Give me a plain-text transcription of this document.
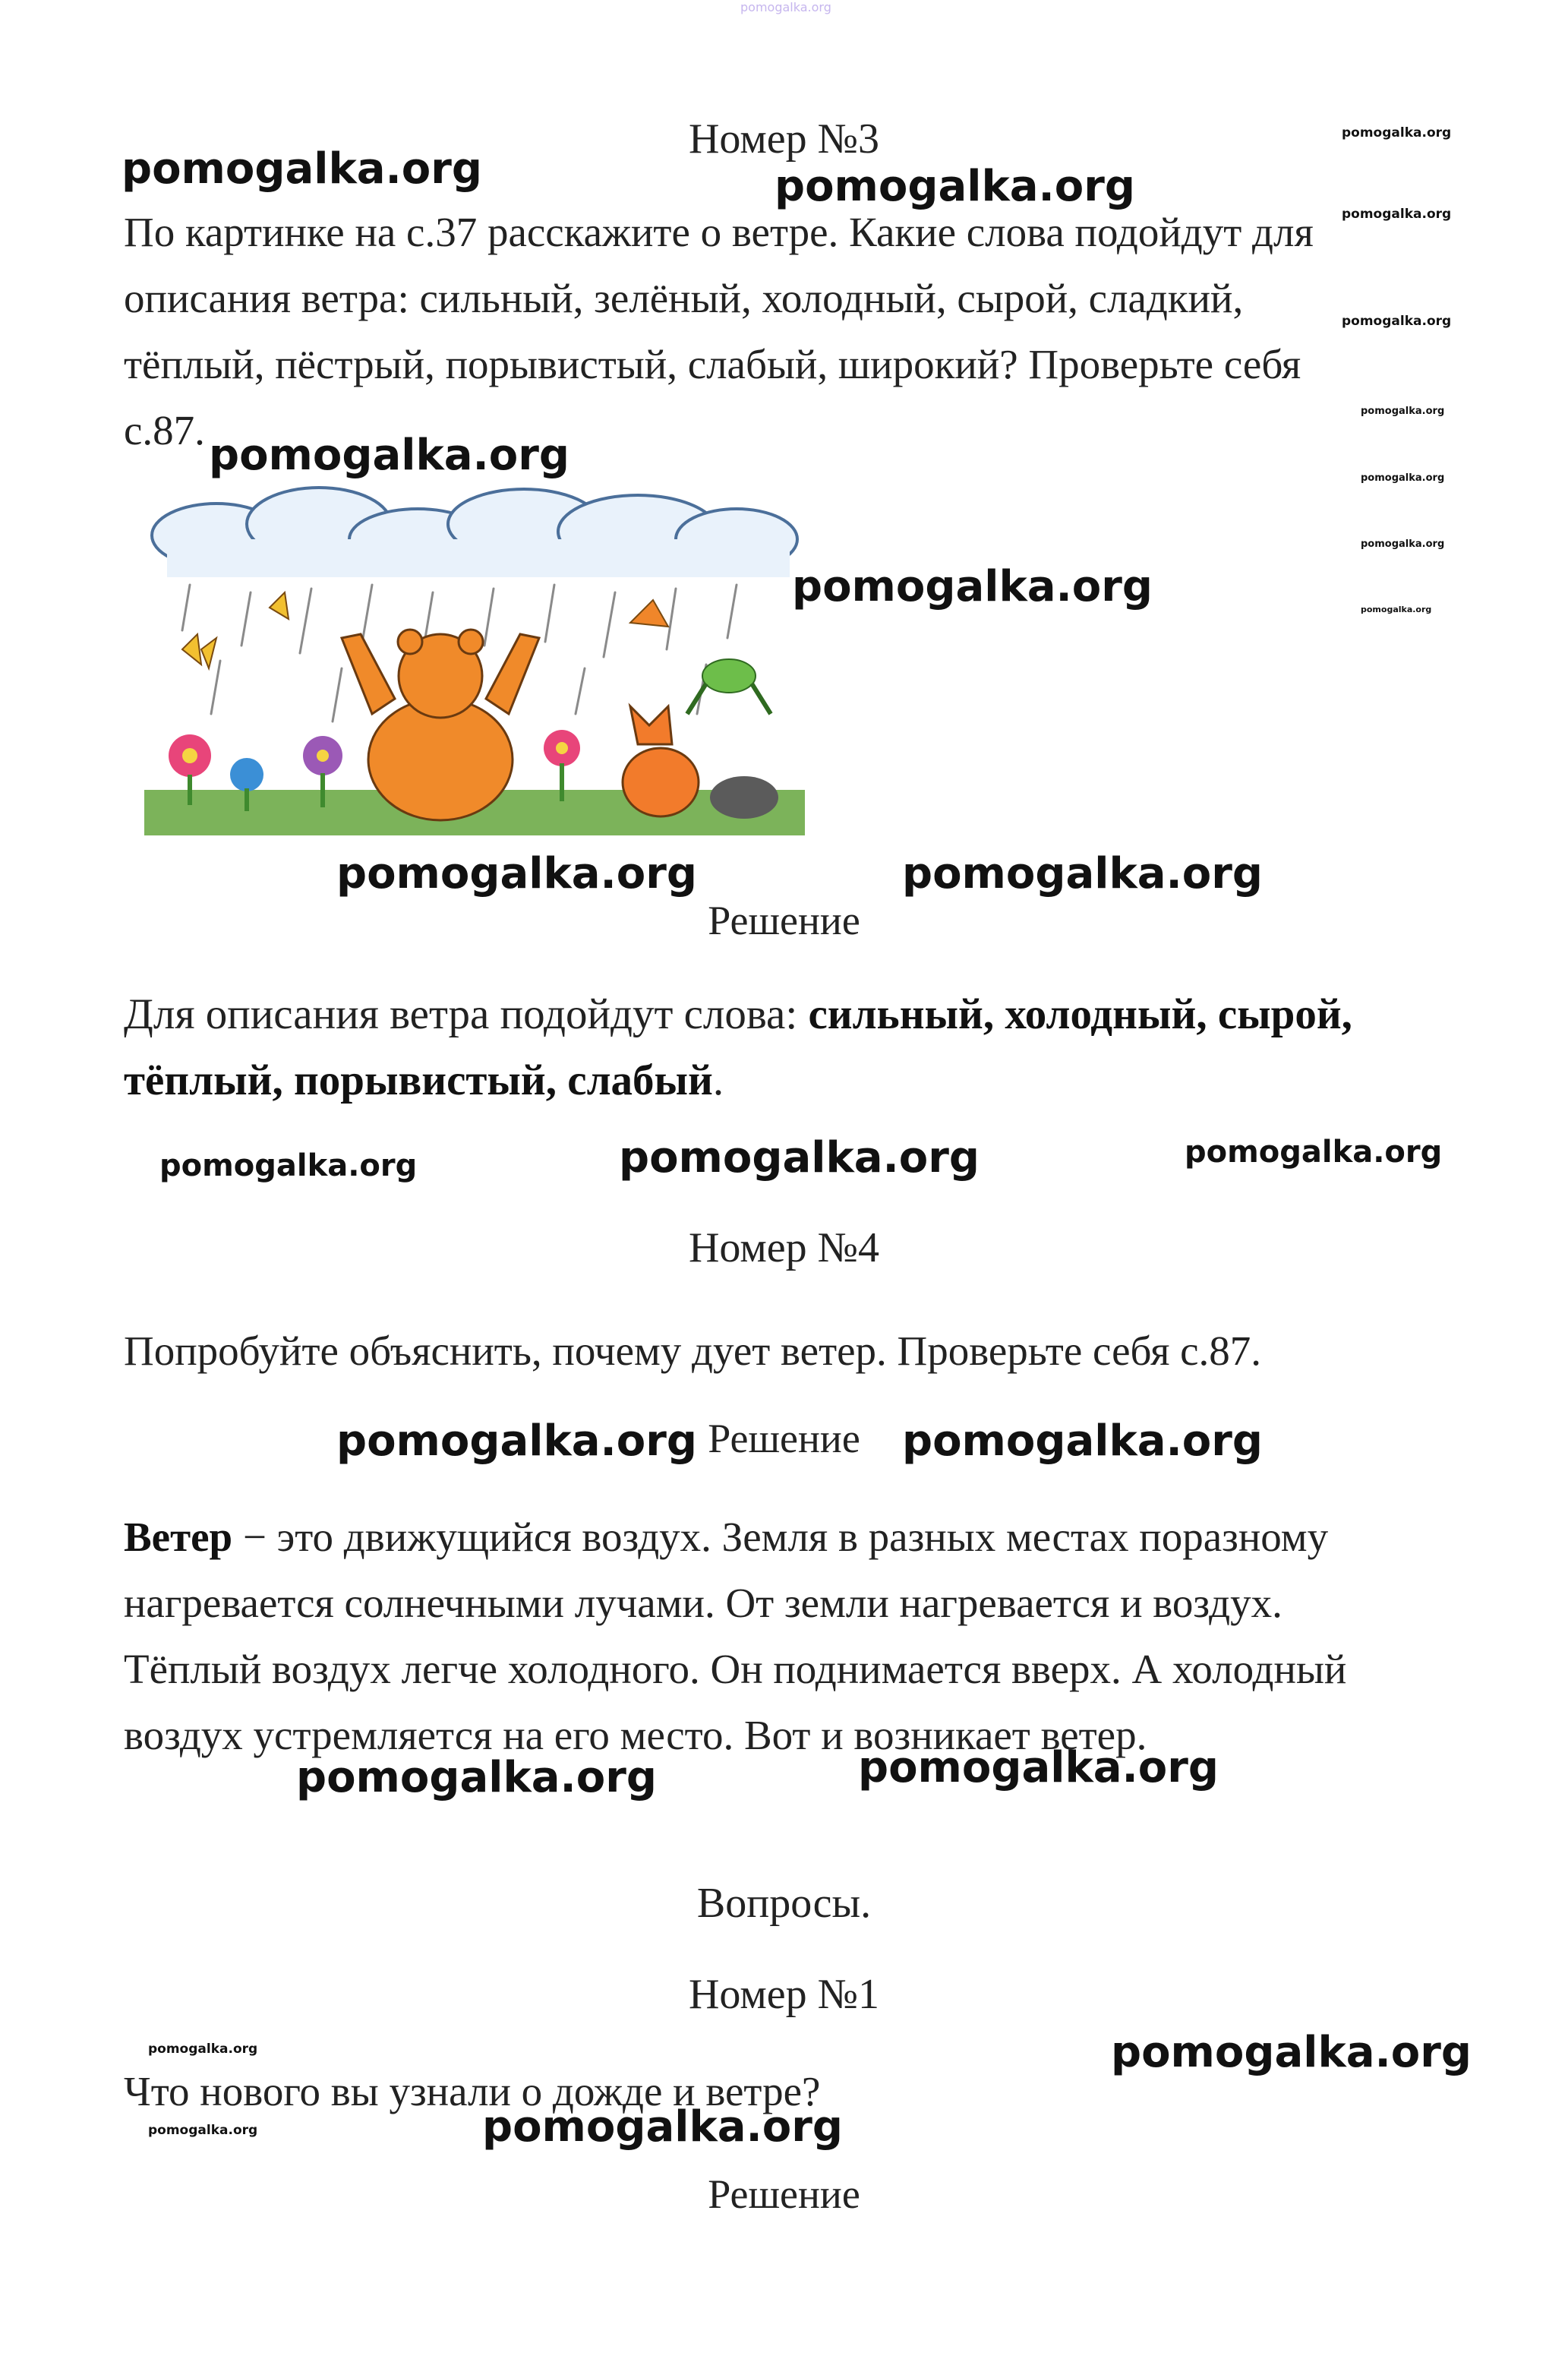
pomogalka.org
Номер №3
По картинке на с.37 расскажите о ветре. Какие слова подойдут для
описания ветра: сильный, зелёный, холодный, сырой, сладкий,
тёплый, пёстрый, порывистый, слабый, широкий? Проверьте себя
с.87.
Решение
Для описания ветра подойдут слова: сильный, холодный, сырой,
тёплый, порывистый, слабый.
Номер №4
Попробуйте объяснить, почему дует ветер. Проверьте себя с.87.
Решение
Ветер − это движущийся воздух. Земля в разных местах поразному
нагревается солнечными лучами. От земли нагревается и воздух.
Тёплый воздух легче холодного. Он поднимается вверх. А холодный
воздух устремляется на его место. Вот и возникает ветер.
Вопросы.
Номер №1
Что нового вы узнали о дожде и ветре?
Решение
pomogalka.org	pomogalka.org
pomogalka.org
pomogalka.org
pomogalka.org	pomogalka.org
pomogalka.org
pomogalka.org	pomogalka.org
pomogalka.org	pomogalka.org
pomogalka.org
pomogalka.org
pomogalka.org	pomogalka.org
pomogalka.org
pomogalka.org
pomogalka.org
pomogalka.org
pomogalka.org
pomogalka.org
pomogalka.org
pomogalka.org
pomogalka.org
